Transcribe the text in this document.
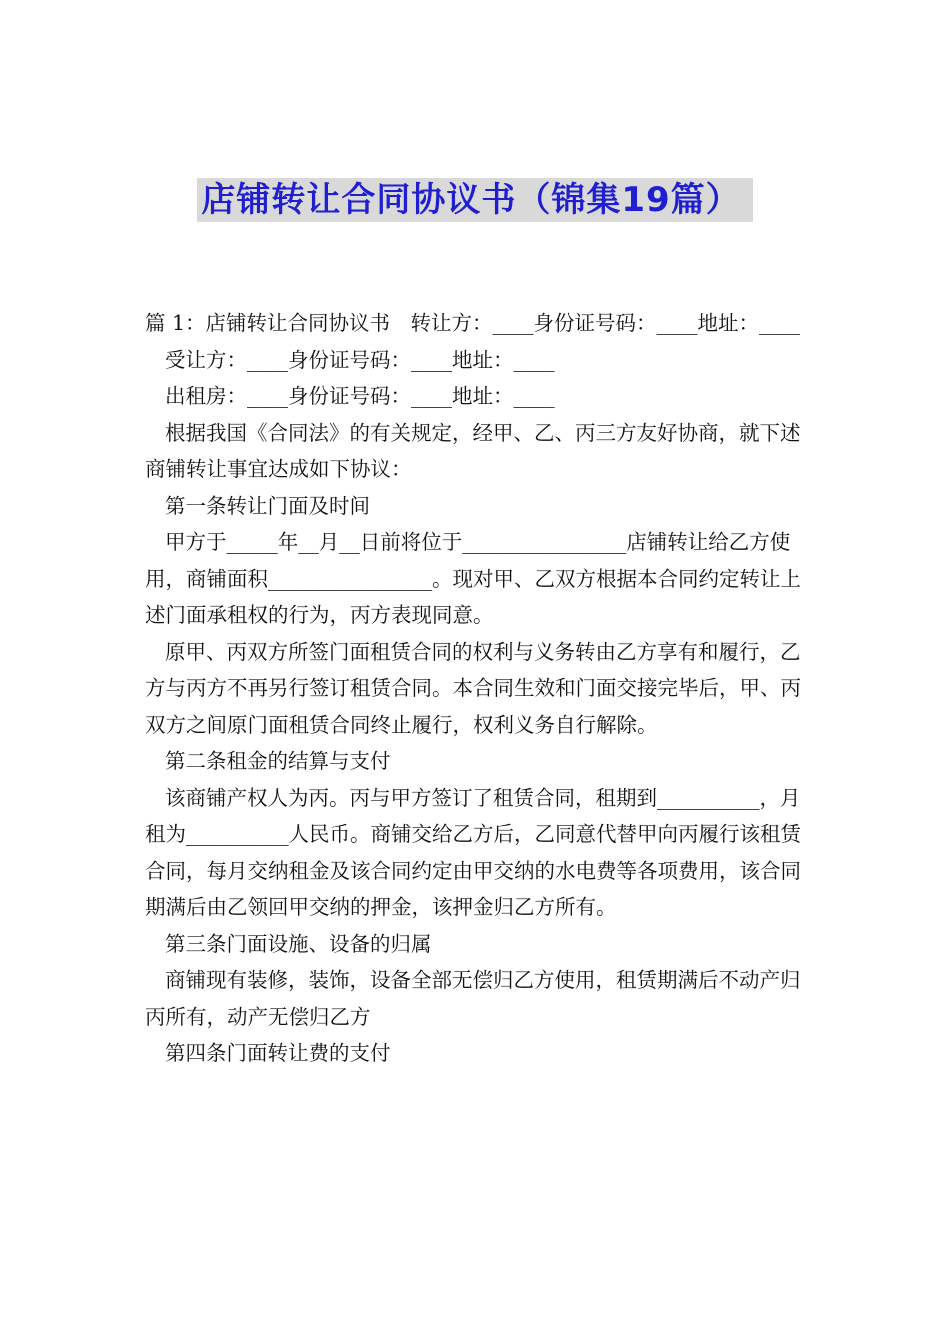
店铺转让合同协议书（锦集19篇）

篇 1：店铺转让合同协议书　转让方：____身份证号码：____地址：____

受让方：____身份证号码：____地址：____

出租房：____身份证号码：____地址：____

根据我国《合同法》的有关规定，经甲、乙、丙三方友好协商，就下述商铺转让事宜达成如下协议：

第一条转让门面及时间

甲方于_____年__月__日前将位于________________店铺转让给乙方使用，商铺面积________________。现对甲、乙双方根据本合同约定转让上述门面承租权的行为，丙方表现同意。

原甲、丙双方所签门面租赁合同的权利与义务转由乙方享有和履行，乙方与丙方不再另行签订租赁合同。本合同生效和门面交接完毕后，甲、丙双方之间原门面租赁合同终止履行，权利义务自行解除。

第二条租金的结算与支付

该商铺产权人为丙。丙与甲方签订了租赁合同，租期到__________，月租为__________人民币。商铺交给乙方后，乙同意代替甲向丙履行该租赁合同，每月交纳租金及该合同约定由甲交纳的水电费等各项费用，该合同期满后由乙领回甲交纳的押金，该押金归乙方所有。

第三条门面设施、设备的归属

商铺现有装修，装饰，设备全部无偿归乙方使用，租赁期满后不动产归丙所有，动产无偿归乙方

第四条门面转让费的支付
